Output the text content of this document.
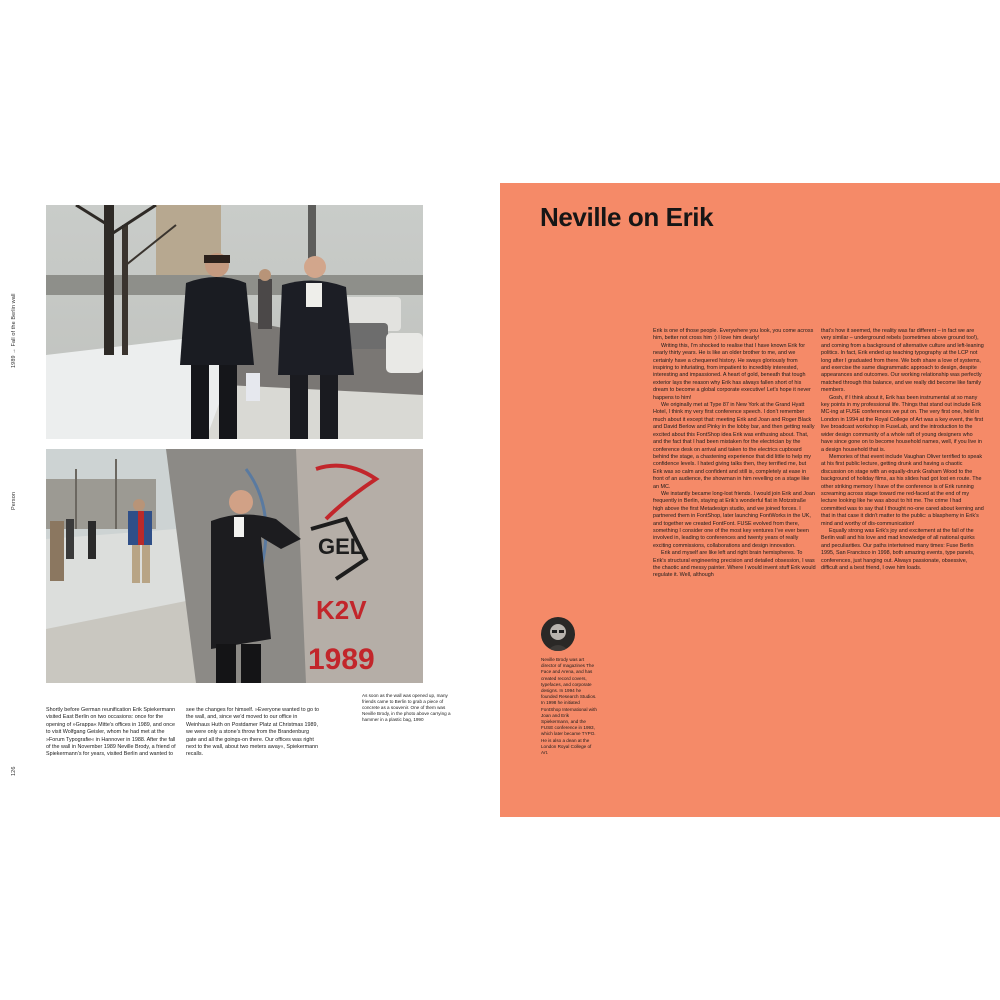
1989 → Fall of the Berlin wall
Person
126
GEL
K2V
1989

Shortly before German reunification Erik Spiekermann visited East Berlin on two occasions: once for the opening of »Grappa« Mitte’s offices in 1989, and once to visit Wolfgang Geisler, whom he had met at the »Forum Typografie« in Hannover in 1988. After the fall of the wall in November 1989 Neville Brody, a friend of Spiekermann’s for years, visited Berlin and wanted to

see the changes for himself. »Everyone wanted to go to the wall, and, since we’d moved to our office in Weinhaus Huth on Postdamer Platz at Christmas 1989, we were only a stone’s throw from the Brandenburg gate and all the goings-on there. Our offices was right next to the wall, about two meters away«, Spiekermann recalls.

As soon as the wall was opened up, many friends came to Berlin to grab a piece of concrete as a souvenir. One of them was Neville Brody, in the photo above carrying a hammer in a plastic bag, 1990
Neville on Erik
Neville Brody was art director of magazines The Face and Arena, and has created record covers, typefaces, and corporate designs. In 1994 he founded Research Studios. In 1998 he initiated FontShop International with Joan and Erik Spiekermann, and the FUSE conference in 1993, which later became TYPO. He is also a dean at the London Royal College of Art.

Erik is one of those people. Everywhere you look, you come across him, better not cross him :) I love him dearly!

Writing this, I’m shocked to realise that I have known Erik for nearly thirty years. He is like an older brother to me, and we certainly have a chequered history. He sways gloriously from inspiring to infuriating, from impatient to incredibly interested, interesting and impassioned. A heart of gold, beneath that tough exterior lays the reason why Erik has always fallen short of his dream to become a global corporate executive! Let’s hope it never happens to him!

We originally met at Type 87 in New York at the Grand Hyatt Hotel, I think my very first conference speech. I don’t remember much about it except that: meeting Erik and Joan and Roger Black and David Berlow and Pinky in the lobby bar, and then getting really excited about this FontShop idea Erik was enthusing about. That, and the fact that I had been mistaken for the electrician by the conference desk on arrival and taken to the electrics cupboard behind the stage, a chastening experience that did little to help my confidence levels. I hated giving talks then, they terrified me, but Erik was so calm and confident and still is, completely at ease in front of an audience, the showman in him revelling on a stage like an MC.

We instantly became long-lost friends. I would join Erik and Joan frequently in Berlin, staying at Erik’s wonderful flat in Motzstraße high above the first Metadesign studio, and we joined forces. I partnered them in FontShop, later launching FontWorks in the UK, and together we created FontFont. FUSE evolved from there, something I consider one of the most key ventures I’ve ever been involved in, leading to conferences and twenty years of really exciting commissions, collaborations and design innovation.

Erik and myself are like left and right brain hemispheres. To Erik’s structural engineering precision and detailed obsession, I was the chaotic and messy painter. Where I would invent stuff Erik would regulate it. Well, although

that’s how it seemed, the reality was far different – in fact we are very similar – underground rebels (sometimes above ground too!), and coming from a background of alternative culture and left-leaning politics. In fact, Erik ended up teaching typography at the LCP not long after I graduated from there. We both share a love of systems, and exercise the same diagrammatic approach to design, despite appearances and outcomes. Our working relationship was perfectly matched through this balance, and we really did become like family members.

Gosh, if I think about it, Erik has been instrumental at so many key points in my professional life. Things that stand out include Erik MC-ing at FUSE conferences we put on. The very first one, held in London in 1994 at the Royal College of Art was a key event, the first live broadcast workshop in FuseLab, and the introduction to the wider design community of a whole raft of young designers who have since gone on to become household names, well, if you live in a design household that is.

Memories of that event include Vaughan Oliver terrified to speak at his first public lecture, getting drunk and having a chaotic discussion on stage with an equally-drunk Graham Wood to the background of holiday films, as his slides had got lost en route. The other striking memory I have of the conference is of Erik running screaming across stage toward me red-faced at the end of my lecture looking like he was about to hit me. The crime I had committed was to say that I thought no-one cared about kerning and that in that case it didn’t matter to the public: a blasphemy in Erik’s mind and worthy of dis-communication!

Equally strong was Erik’s joy and excitement at the fall of the Berlin wall and his love and mad knowledge of all national quirks and peculiarities. Our paths intertwined many times: Fuse Berlin 1995, San Francisco in 1998, both amazing events, type panels, conferences, just hanging out. Always passionate, obsessive, difficult and a best friend, I owe him loads.
